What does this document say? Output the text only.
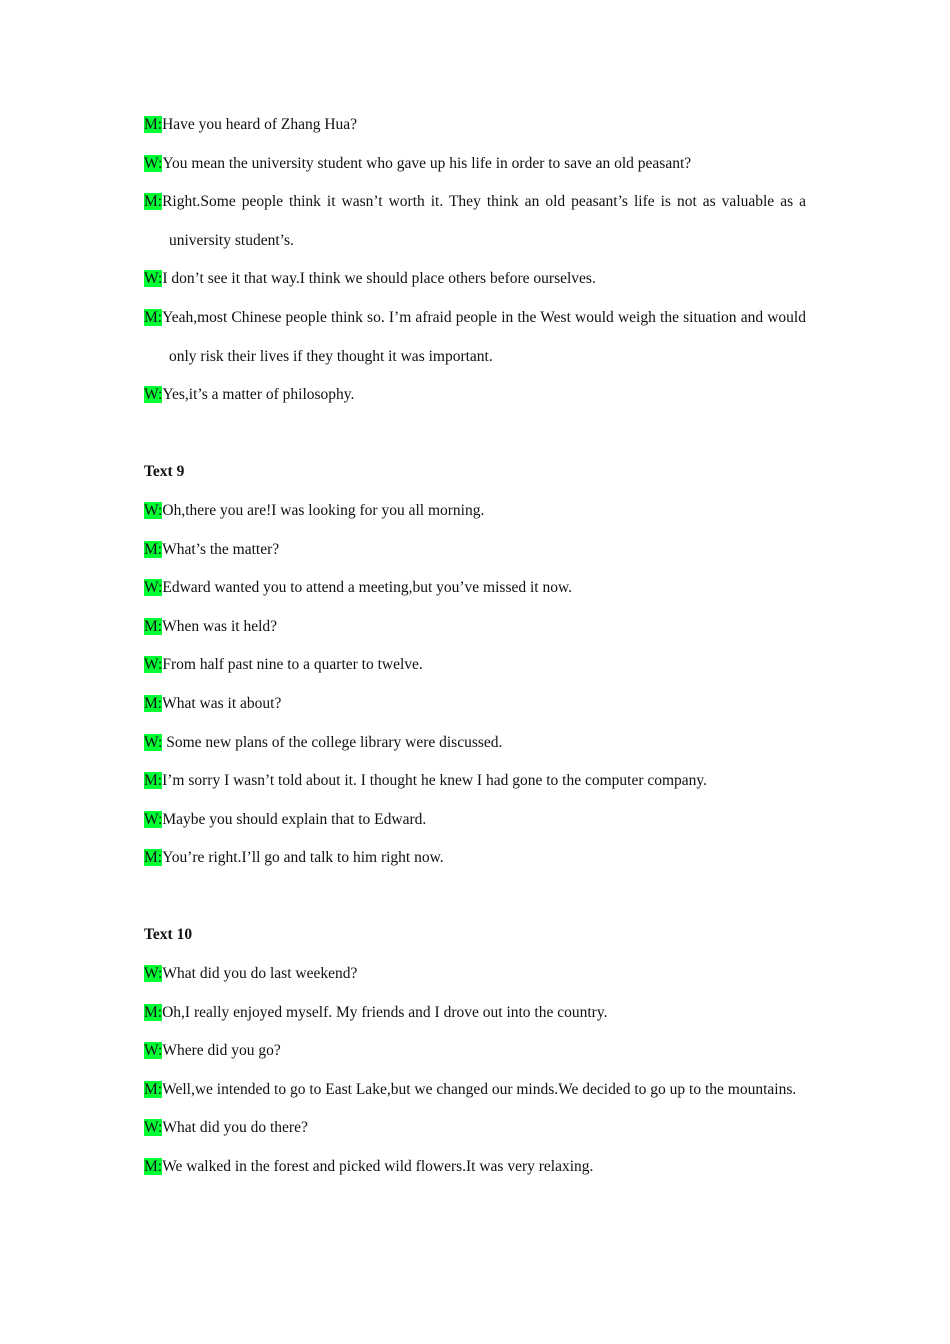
M:Have you heard of Zhang Hua?

W:You mean the university student who gave up his life in order to save an old peasant?

M:Right.Some people think it wasn’t worth it. They think an old peasant’s life is not as valuable as a university student’s.

W:I don’t see it that way.I think we should place others before ourselves.

M:Yeah,most Chinese people think so. I’m afraid people in the West would weigh the situation and would only risk their lives if they thought it was important.

W:Yes,it’s a matter of philosophy.

Text 9

W:Oh,there you are!I was looking for you all morning.

M:What’s the matter?

W:Edward wanted you to attend a meeting,but you’ve missed it now.

M:When was it held?

W:From half past nine to a quarter to twelve.

M:What was it about?

W: Some new plans of the college library were discussed.

M:I’m sorry I wasn’t told about it. I thought he knew I had gone to the computer company.

W:Maybe you should explain that to Edward.

M:You’re right.I’ll go and talk to him right now.

Text 10

W:What did you do last weekend?

M:Oh,I really enjoyed myself. My friends and I drove out into the country.

W:Where did you go?

M:Well,we intended to go to East Lake,but we changed our minds.We decided to go up to the mountains.

W:What did you do there?

M:We walked in the forest and picked wild flowers.It was very relaxing.
